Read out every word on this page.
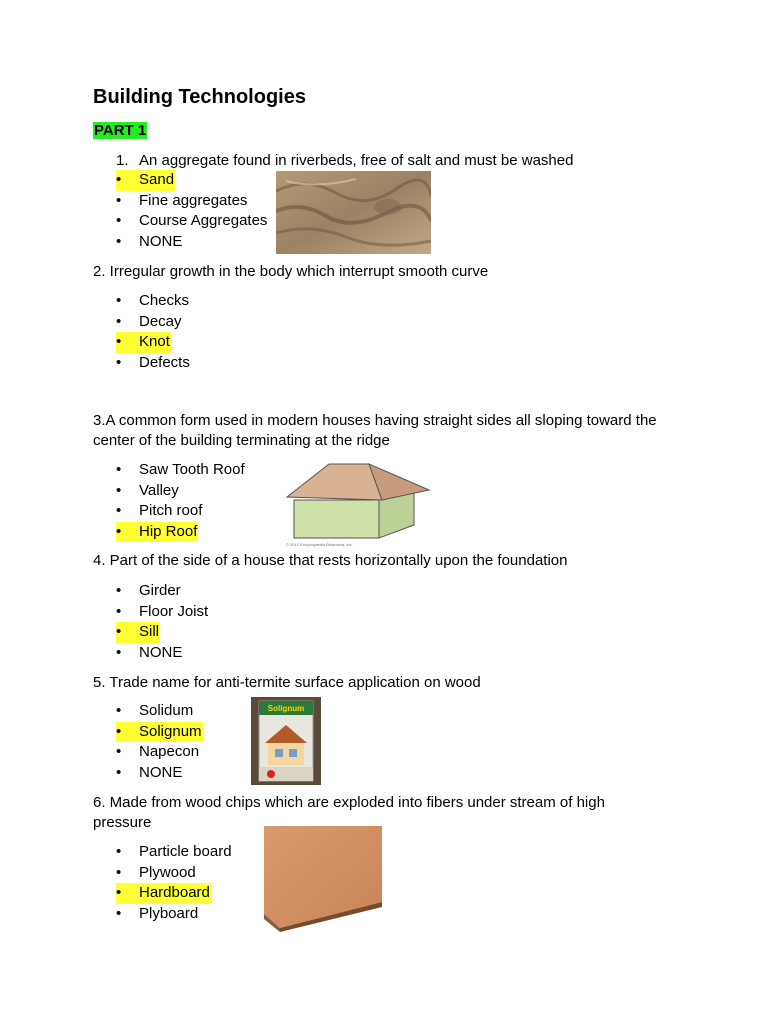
Building Technologies
PART 1
1. An aggregate found in riverbeds, free of salt and must be washed
• Sand
• Fine aggregates
• Course Aggregates
• NONE
2. Irregular growth in the body which interrupt smooth curve
• Checks
• Decay
• Knot
• Defects
3.A common form used in modern houses having straight sides all sloping toward the center of the building terminating at the ridge
• Saw Tooth Roof
• Valley
• Pitch roof
• Hip Roof
© 2012 Encyclopædia Britannica, Inc.
4. Part of the side of a house that rests horizontally upon the foundation
• Girder
• Floor Joist
• Sill
• NONE
5. Trade name for anti-termite surface application on wood
• Solidum
• Solignum
• Napecon
• NONE
Solignum
6. Made from wood chips which are exploded into fibers under stream of high pressure
• Particle board
• Plywood
• Hardboard
• Plyboard
